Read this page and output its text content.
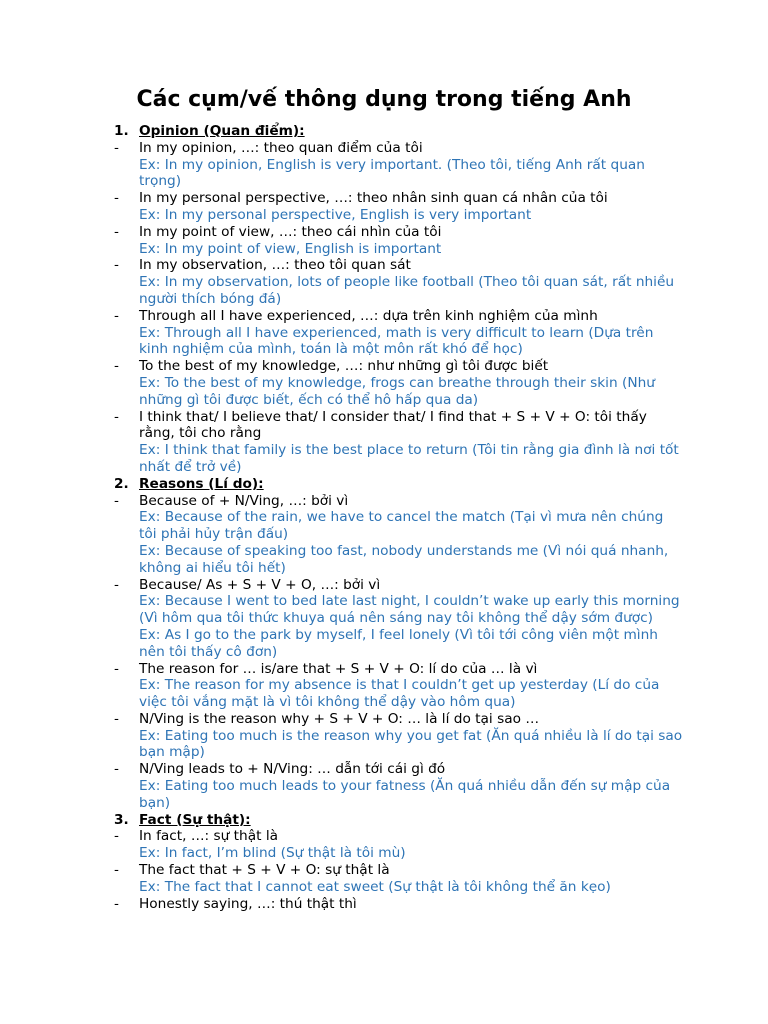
Các cụm/vế thông dụng trong tiếng Anh
1. Opinion (Quan điểm):
-	In my opinion, …: theo quan điểm của tôi
Ex: In my opinion, English is very important. (Theo tôi, tiếng Anh rất quan trọng)
-	In my personal perspective, …: theo nhân sinh quan cá nhân của tôi
Ex: In my personal perspective, English is very important
-	In my point of view, …: theo cái nhìn của tôi
Ex: In my point of view, English is important
-	In my observation, …: theo tôi quan sát
Ex: In my observation, lots of people like football (Theo tôi quan sát, rất nhiều người thích bóng đá)
-	Through all I have experienced, …: dựa trên kinh nghiệm của mình
Ex: Through all I have experienced, math is very difficult to learn (Dựa trên kinh nghiệm của mình, toán là một môn rất khó để học)
-	To the best of my knowledge, …: như những gì tôi được biết
Ex: To the best of my knowledge, frogs can breathe through their skin (Như những gì tôi được biết, ếch có thể hô hấp qua da)
-	I think that/ I believe that/ I consider that/ I find that + S + V + O: tôi thấy rằng, tôi cho rằng
Ex: I think that family is the best place to return (Tôi tin rằng gia đình là nơi tốt nhất để trở về)
2. Reasons (Lí do):
-	Because of + N/Ving, …: bởi vì
Ex: Because of the rain, we have to cancel the match (Tại vì mưa nên chúng tôi phải hủy trận đấu)
Ex: Because of speaking too fast, nobody understands me (Vì nói quá nhanh, không ai hiểu tôi hết)
-	Because/ As + S + V + O, …: bởi vì
Ex: Because I went to bed late last night, I couldn’t wake up early this morning (Vì hôm qua tôi thức khuya quá nên sáng nay tôi không thể dậy sớm được)
Ex: As I go to the park by myself, I feel lonely (Vì tôi tới công viên một mình nên tôi thấy cô đơn)
-	The reason for … is/are that + S + V + O: lí do của … là vì
Ex: The reason for my absence is that I couldn’t get up yesterday (Lí do của việc tôi vắng mặt là vì tôi không thể dậy vào hôm qua)
-	N/Ving is the reason why + S + V + O: … là lí do tại sao …
Ex: Eating too much is the reason why you get fat (Ăn quá nhiều là lí do tại sao bạn mập)
-	N/Ving leads to + N/Ving: … dẫn tới cái gì đó
Ex: Eating too much leads to your fatness (Ăn quá nhiều dẫn đến sự mập của bạn)
3. Fact (Sự thật):
-	In fact, …: sự thật là
Ex: In fact, I’m blind (Sự thật là tôi mù)
-	The fact that + S + V + O: sự thật là
Ex: The fact that I cannot eat sweet (Sự thật là tôi không thể ăn kẹo)
-	Honestly saying, …: thú thật thì
